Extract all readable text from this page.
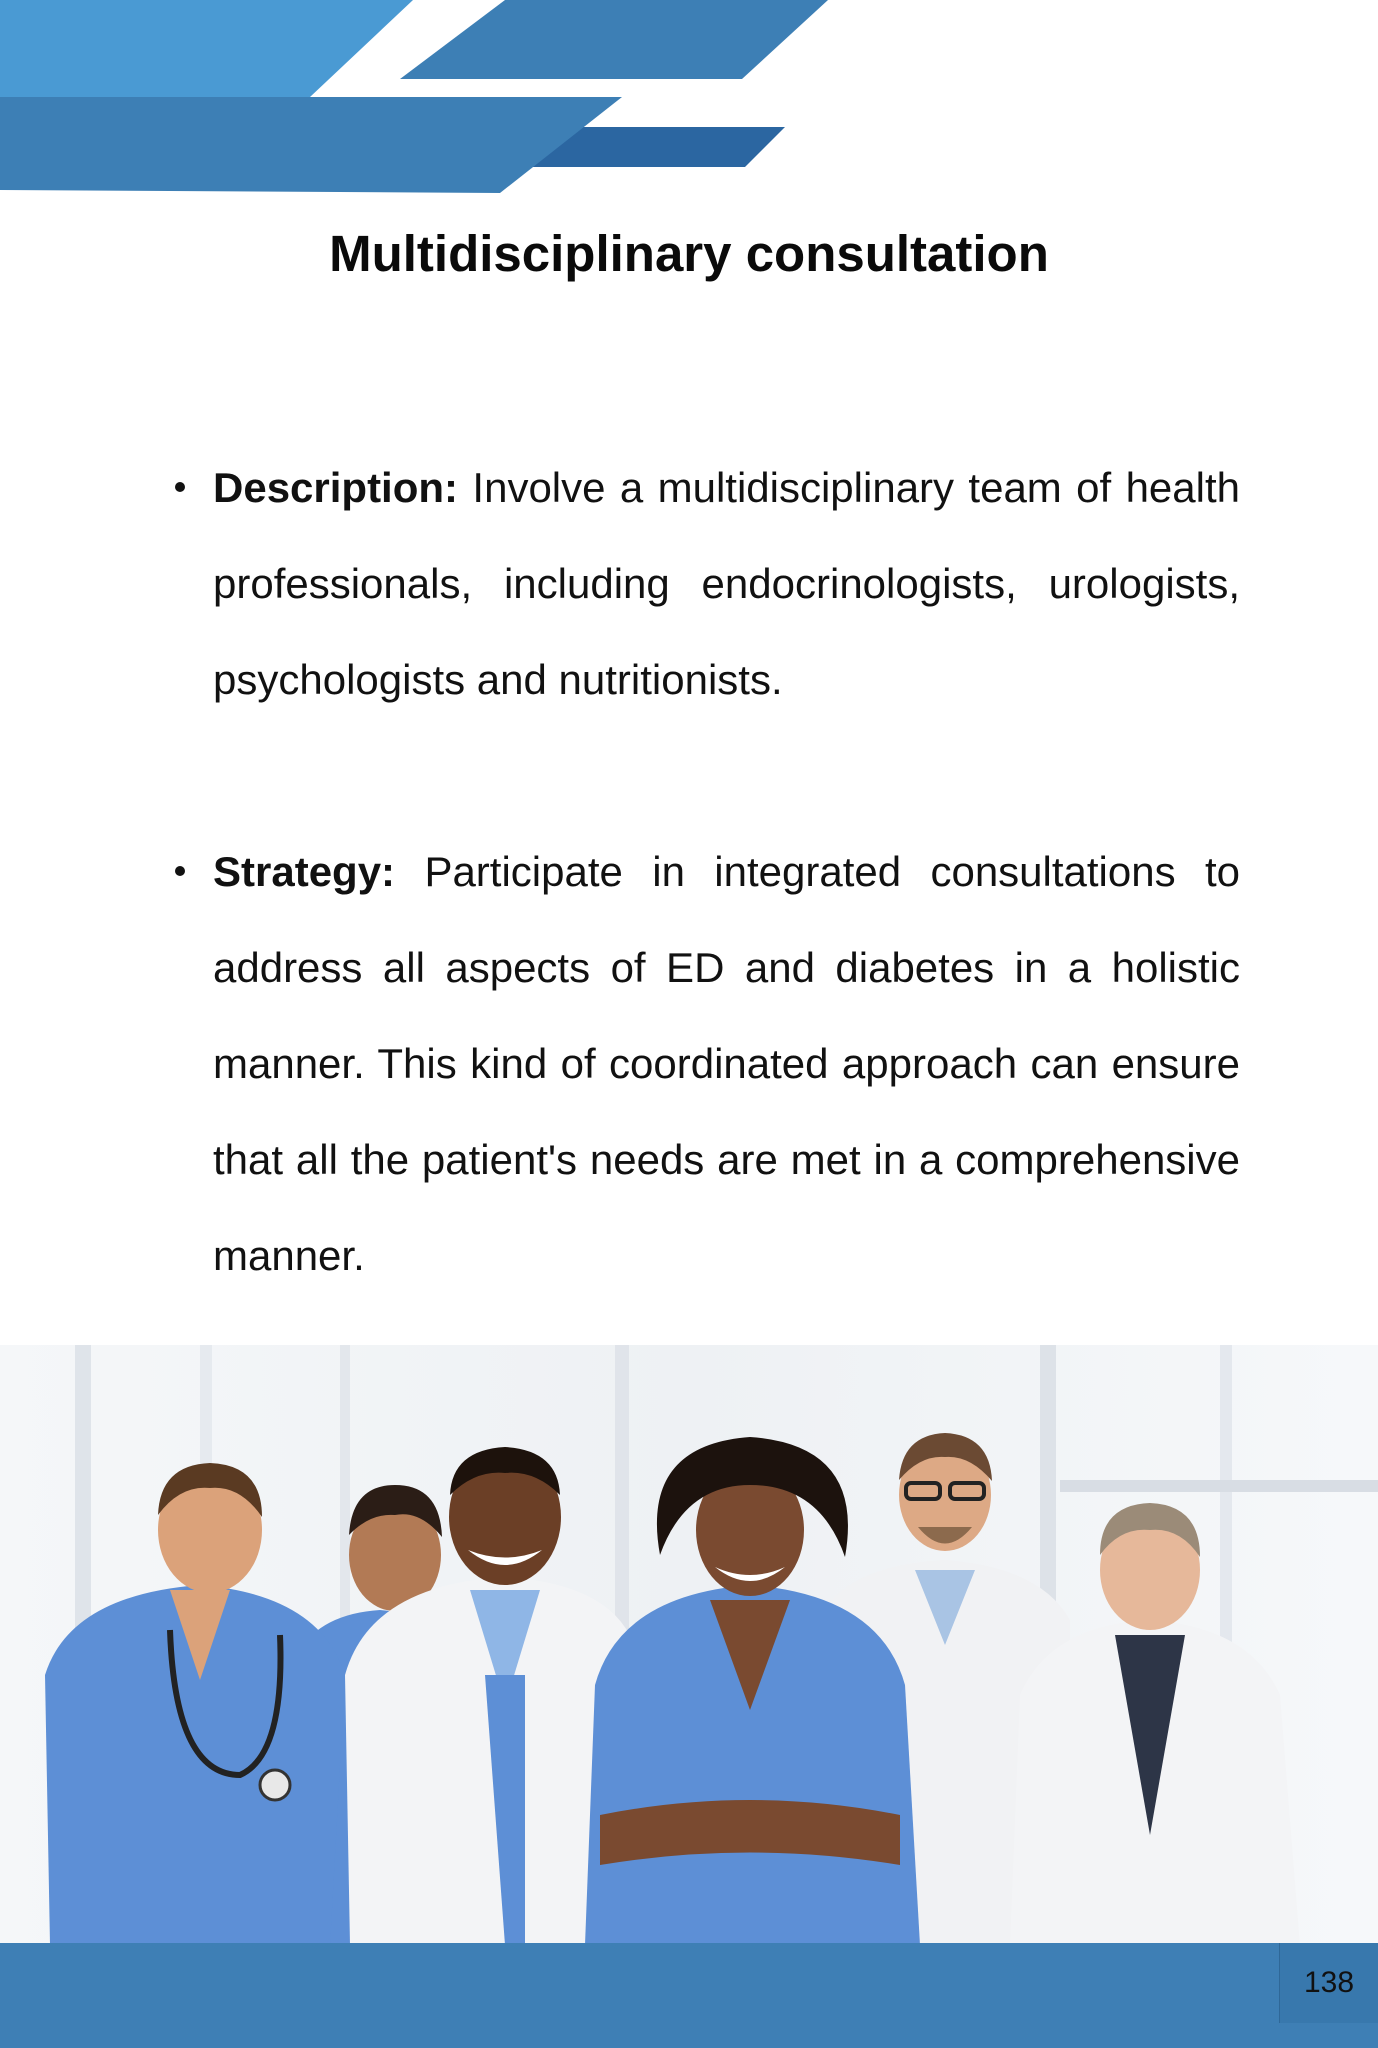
Multidisciplinary consultation
Description: Involve a multidisciplinary team of health professionals, including endocrinologists, urologists, psychologists and nutritionists.
Strategy: Participate in integrated consultations to address all aspects of ED and diabetes in a holistic manner. This kind of coordinated approach can ensure that all the patient's needs are met in a comprehensive manner.
138
